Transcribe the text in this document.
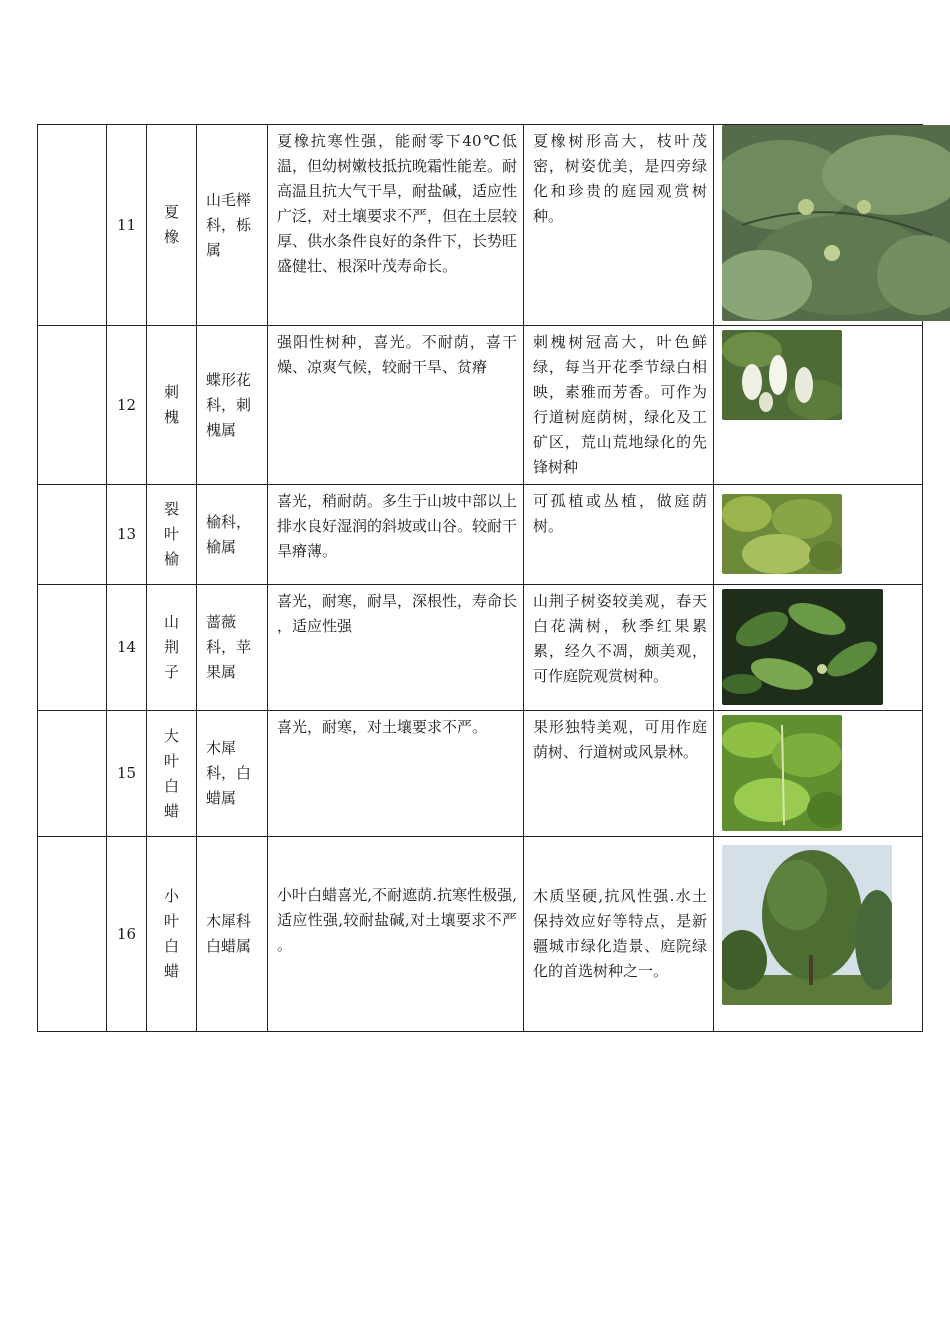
	11	夏橡	山毛榉科，栎属	夏橡抗寒性强，能耐零下40℃低温，但幼树嫩枝抵抗晚霜性能差。耐高温且抗大气干旱，耐盐碱，适应性广泛，对土壤要求不严，但在土层较厚、供水条件良好的条件下，长势旺盛健壮、根深叶茂寿命长。	夏橡树形高大，枝叶茂密，树姿优美，是四旁绿化和珍贵的庭园观赏树种。

	12	刺槐	蝶形花科，刺槐属	强阳性树种，喜光。不耐荫，喜干燥、凉爽气候，较耐干旱、贫瘠	刺槐树冠高大，叶色鲜绿，每当开花季节绿白相映，素雅而芳香。可作为行道树庭荫树，绿化及工矿区，荒山荒地绿化的先锋树种

	13	裂叶榆	榆科，榆属	喜光，稍耐荫。多生于山坡中部以上排水良好湿润的斜坡或山谷。较耐干旱瘠薄。	可孤植或丛植，做庭荫树。

	14	山荆子	蔷薇科，苹果属	喜光，耐寒，耐旱，深根性，寿命长 ，适应性强	山荆子树姿较美观，春天白花满树，秋季红果累累，经久不凋，颇美观，可作庭院观赏树种。

	15	大叶白蜡	木犀科，白蜡属	喜光，耐寒，对土壤要求不严。	果形独特美观，可用作庭荫树、行道树或风景林。

	16	小叶白蜡	木犀科白蜡属	小叶白蜡喜光,不耐遮荫.抗寒性极强, 适应性强,较耐盐碱,对土壤要求不严 。	木质坚硬,抗风性强.水土保持效应好等特点，是新疆城市绿化造景、庭院绿化的首选树种之一。
